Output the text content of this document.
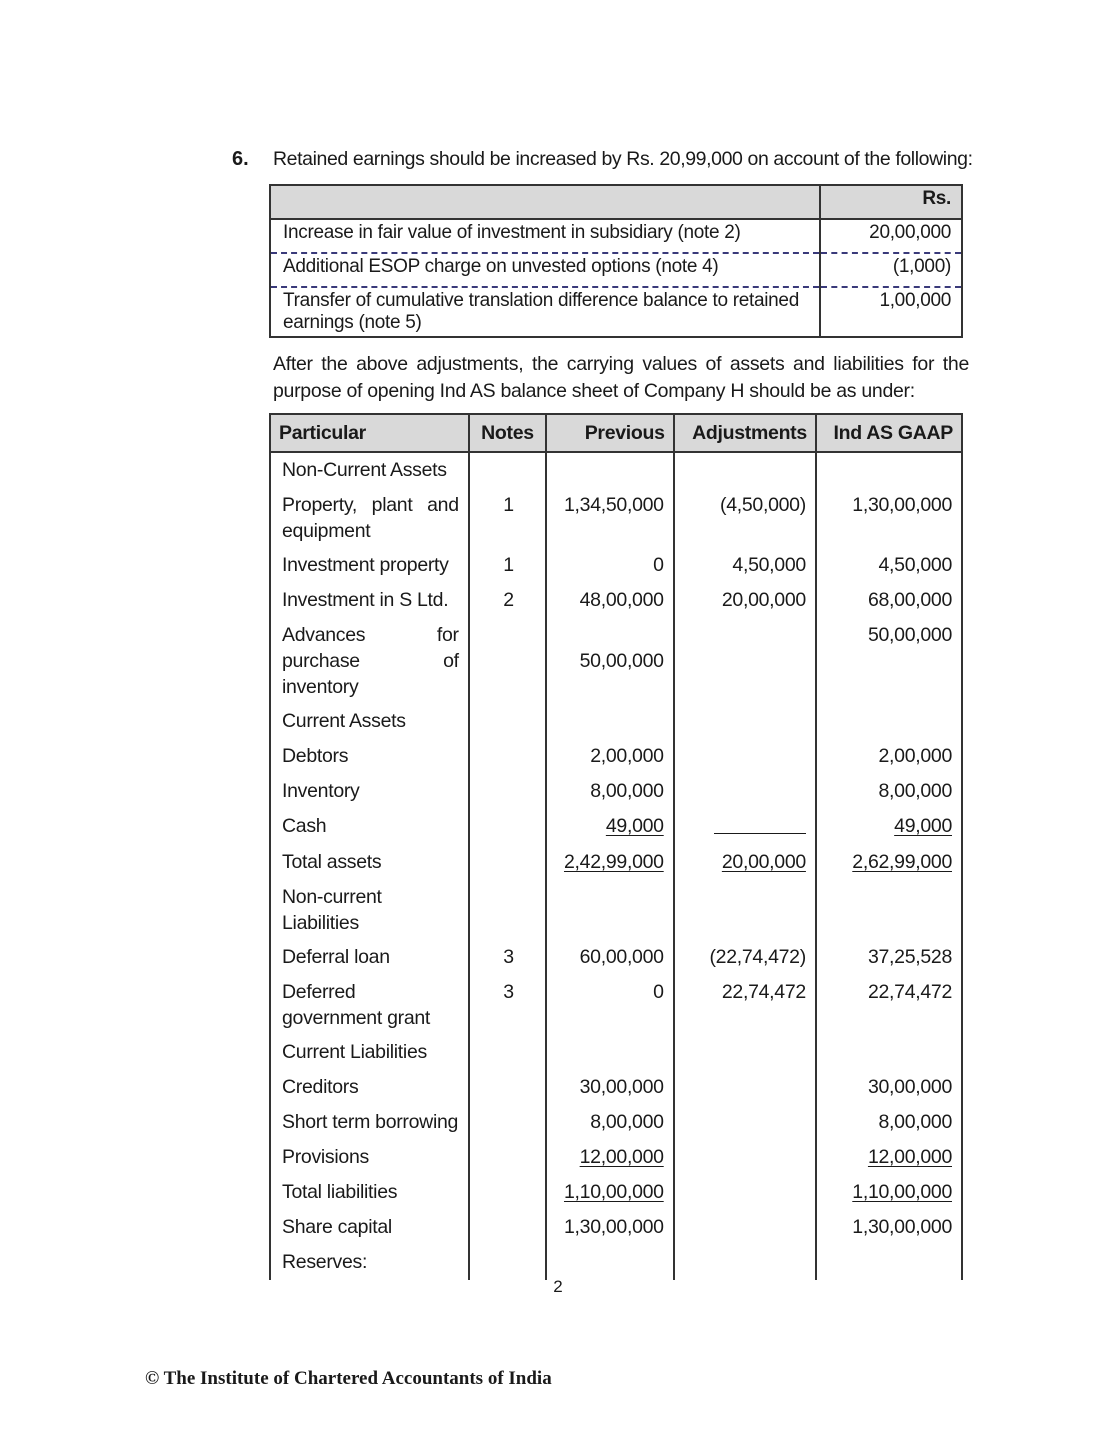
6. Retained earnings should be increased by Rs. 20,99,000 on account of the following:
	Rs.
Increase in fair value of investment in subsidiary (note 2)	20,00,000
Additional ESOP charge on unvested options (note 4)	(1,000)
Transfer of cumulative translation difference balance to retained earnings (note 5)	1,00,000
After the above adjustments, the carrying values of assets and liabilities for the purpose of opening Ind AS balance sheet of Company H should be as under:
Particular	Notes	Previous	Adjustments	Ind AS GAAP
Non-Current Assets				
Property, plant and equipment	1	1,34,50,000	(4,50,000)	1,30,00,000
Investment property	1	0	4,50,000	4,50,000
Investment in S Ltd.	2	48,00,000	20,00,000	68,00,000
Advances for purchase of inventory		50,00,000		50,00,000
Current Assets				
Debtors		2,00,000		2,00,000
Inventory		8,00,000		8,00,000
Cash		49,000		49,000
Total assets		2,42,99,000	20,00,000	2,62,99,000
Non-current Liabilities				
Deferral loan	3	60,00,000	(22,74,472)	37,25,528
Deferred government grant	3	0	22,74,472	22,74,472
Current Liabilities				
Creditors		30,00,000		30,00,000
Short term borrowing		8,00,000		8,00,000
Provisions		12,00,000		12,00,000
Total liabilities		1,10,00,000		1,10,00,000
Share capital		1,30,00,000		1,30,00,000
Reserves:				
2
© The Institute of Chartered Accountants of India
